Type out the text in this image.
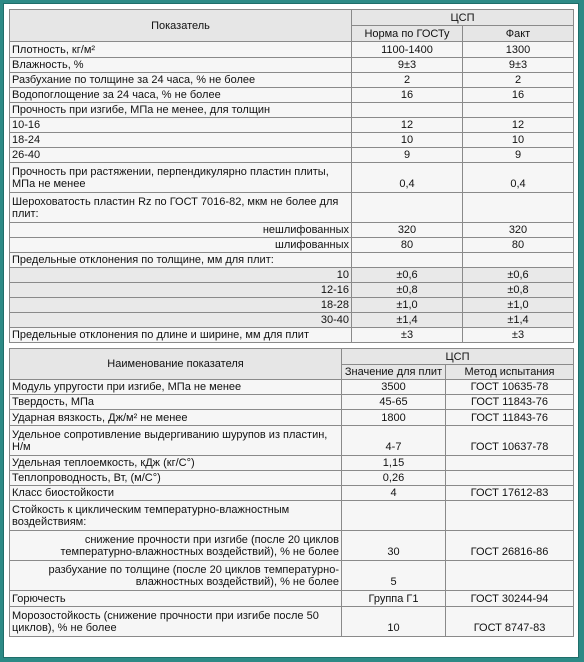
Показатель	ЦСП	
	Норма по ГОСТу	Факт
Плотность, кг/м²	1100-1400	1300
Влажность, %	9±3	9±3
Разбухание по толщине за 24 часа, % не более	2	2
Водопоглощение за 24 часа, % не более	16	16
Прочность при изгибе, МПа не менее, для толщин		
10-16	12	12
18-24	10	10
26-40	9	9
Прочность при растяжении, перпендикулярно пластин плиты, МПа не менее	0,4	0,4
Шероховатость пластин Rz по ГОСТ 7016-82, мкм не более для плит:		
нешлифованных	320	320
шлифованных	80	80
Предельные отклонения по толщине, мм для плит:		
10	±0,6	±0,6
12-16	±0,8	±0,8
18-28	±1,0	±1,0
30-40	±1,4	±1,4
Предельные отклонения по длине и ширине, мм для плит	±3	±3
Наименование показателя	ЦСП	
	Значение для плит	Метод испытания
Модуль упругости при изгибе, МПа не менее	3500	ГОСТ 10635-78
Твердость, МПа	45-65	ГОСТ 11843-76
Ударная вязкость, Дж/м² не менее	1800	ГОСТ 11843-76
Удельное сопротивление выдергиванию шурупов из пластин, Н/м	4-7	ГОСТ 10637-78
Удельная теплоемкость, кДж (кг/С°)	1,15	
Теплопроводность, Вт, (м/С°)	0,26	
Класс биостойкости	4	ГОСТ 17612-83
Стойкость к циклическим температурно-влажностным воздействиям:		
снижение прочности при изгибе (после 20 циклов температурно-влажностных воздействий), % не более	30	ГОСТ 26816-86
разбухание по толщине (после 20 циклов температурно-влажностных воздействий), % не более	5	
Горючесть	Группа Г1	ГОСТ 30244-94
Морозостойкость (снижение прочности при изгибе после 50 циклов), % не более	10	ГОСТ 8747-83
